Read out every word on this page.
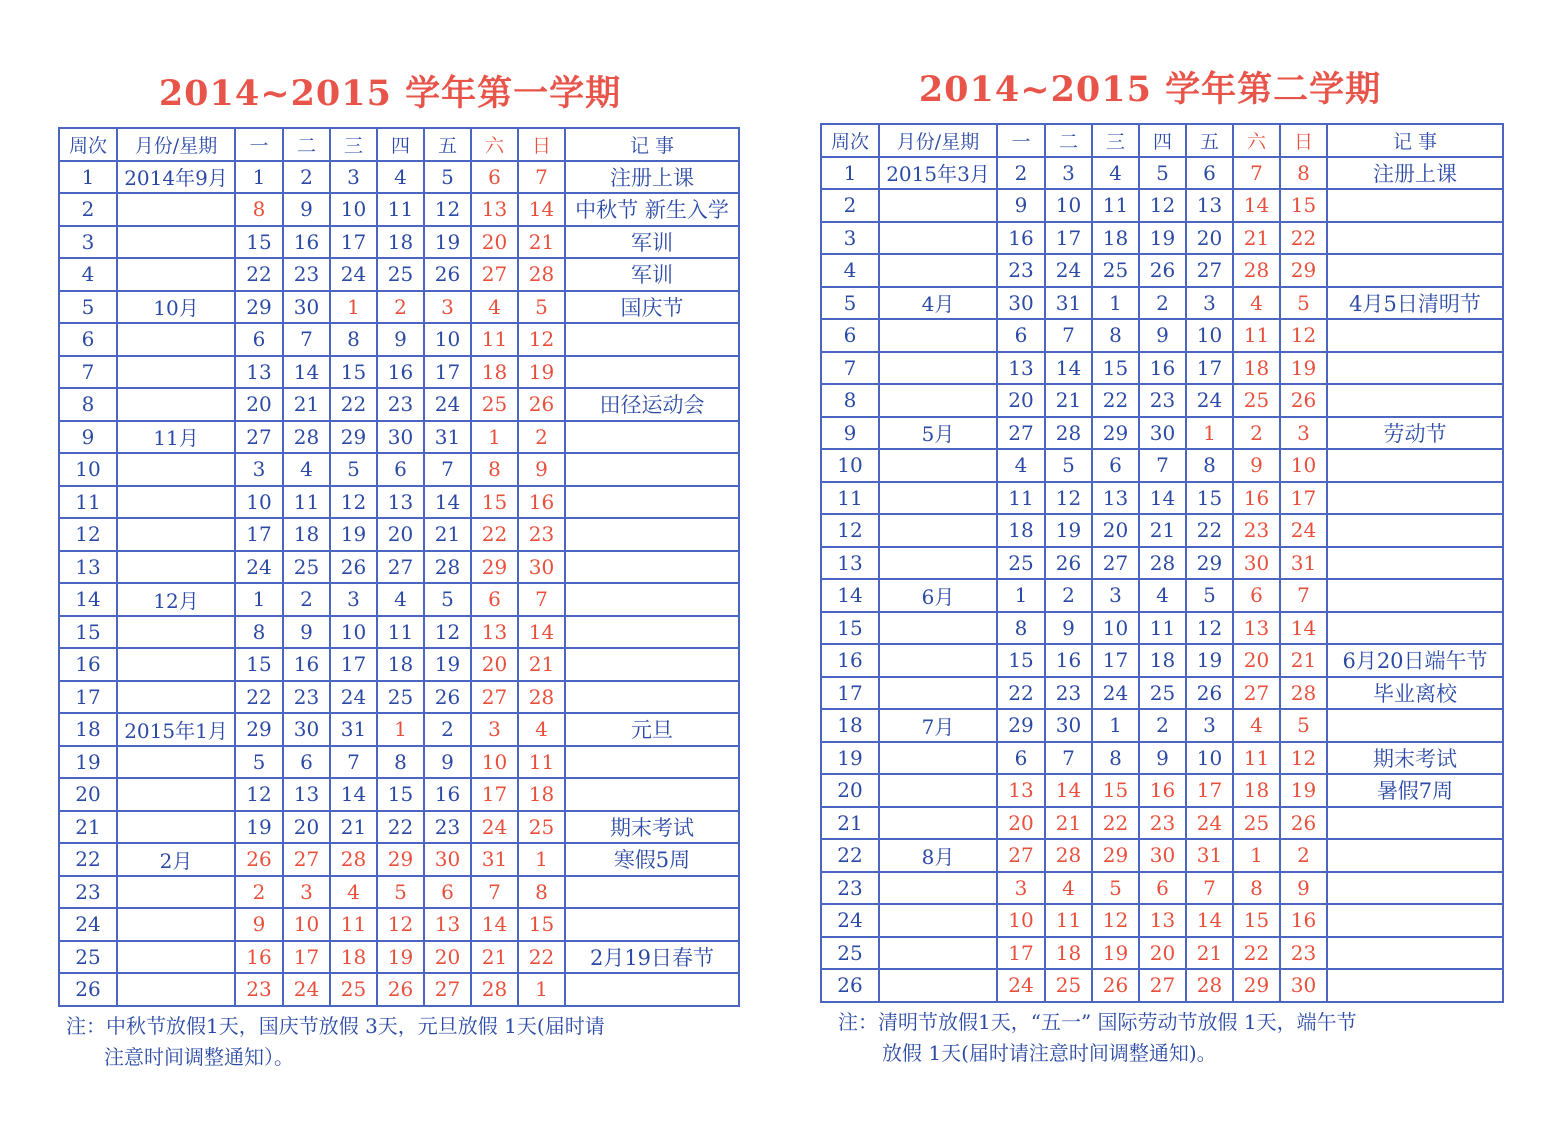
2014~2015 学年第一学期
周次	月份/星期	一	二	三	四	五	六	日	记 事
1	2014年9月	1	2	3	4	5	6	7	注册上课
2		8	9	10	11	12	13	14	中秋节 新生入学
3		15	16	17	18	19	20	21	军训
4		22	23	24	25	26	27	28	军训
5	10月	29	30	1	2	3	4	5	国庆节
6		6	7	8	9	10	11	12	
7		13	14	15	16	17	18	19	
8		20	21	22	23	24	25	26	田径运动会
9	11月	27	28	29	30	31	1	2	
10		3	4	5	6	7	8	9	
11		10	11	12	13	14	15	16	
12		17	18	19	20	21	22	23	
13		24	25	26	27	28	29	30	
14	12月	1	2	3	4	5	6	7	
15		8	9	10	11	12	13	14	
16		15	16	17	18	19	20	21	
17		22	23	24	25	26	27	28	
18	2015年1月	29	30	31	1	2	3	4	元旦
19		5	6	7	8	9	10	11	
20		12	13	14	15	16	17	18	
21		19	20	21	22	23	24	25	期末考试
22	2月	26	27	28	29	30	31	1	寒假5周
23		2	3	4	5	6	7	8	
24		9	10	11	12	13	14	15	
25		16	17	18	19	20	21	22	2月19日春节
26		23	24	25	26	27	28	1	
注：中秋节放假1天，国庆节放假 3天，元旦放假 1天(届时请
注意时间调整通知）。
2014~2015 学年第二学期
周次	月份/星期	一	二	三	四	五	六	日	记 事
1	2015年3月	2	3	4	5	6	7	8	注册上课
2		9	10	11	12	13	14	15	
3		16	17	18	19	20	21	22	
4		23	24	25	26	27	28	29	
5	4月	30	31	1	2	3	4	5	4月5日清明节
6		6	7	8	9	10	11	12	
7		13	14	15	16	17	18	19	
8		20	21	22	23	24	25	26	
9	5月	27	28	29	30	1	2	3	劳动节
10		4	5	6	7	8	9	10	
11		11	12	13	14	15	16	17	
12		18	19	20	21	22	23	24	
13		25	26	27	28	29	30	31	
14	6月	1	2	3	4	5	6	7	
15		8	9	10	11	12	13	14	
16		15	16	17	18	19	20	21	6月20日端午节
17		22	23	24	25	26	27	28	毕业离校
18	7月	29	30	1	2	3	4	5	
19		6	7	8	9	10	11	12	期末考试
20		13	14	15	16	17	18	19	暑假7周
21		20	21	22	23	24	25	26	
22	8月	27	28	29	30	31	1	2	
23		3	4	5	6	7	8	9	
24		10	11	12	13	14	15	16	
25		17	18	19	20	21	22	23	
26		24	25	26	27	28	29	30	
注：清明节放假1天，“五一” 国际劳动节放假 1天，端午节
放假 1天(届时请注意时间调整通知)。
